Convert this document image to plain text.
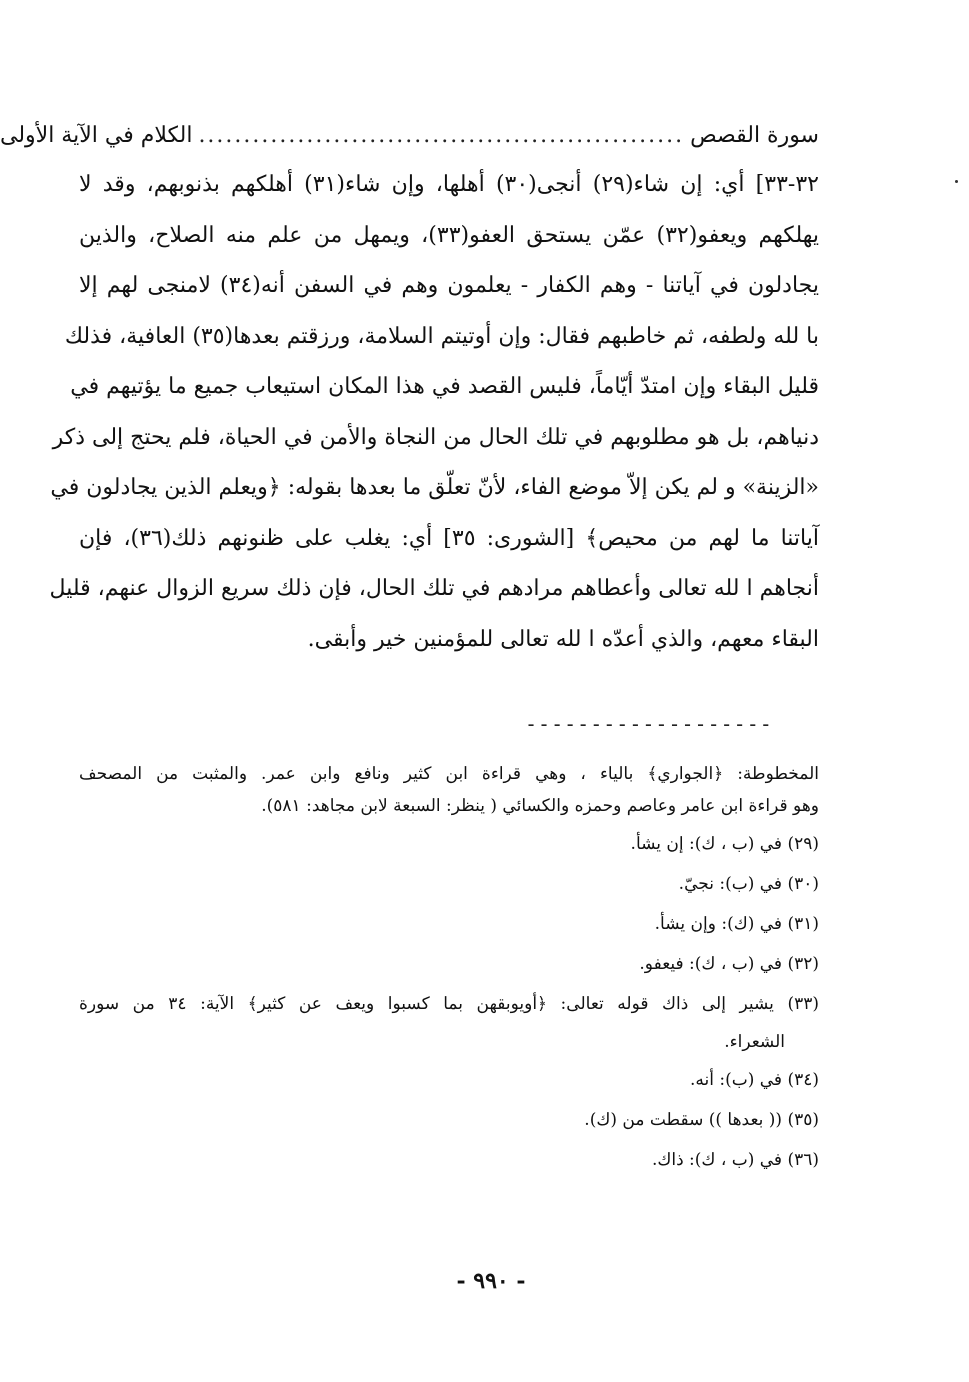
سورة القصص
......................................................
الكلام في الآية الأولى
٣٢-٣٣] أي: إن شاء(٢٩) أنجى(٣٠) أهلها، وإن شاء(٣١) أهلكهم بذنوبهم، وقد لا
يهلكهم ويعفو(٣٢) عمّن يستحق العفو(٣٣)، ويمهل من علم منه الصلاح، والذين
يجادلون في آياتنا - وهم الكفار - يعلمون وهم في السفن أنه(٣٤) لامنجى لهم إلا
با لله ولطفه، ثم خاطبهم فقال: وإن أوتيتم السلامة، ورزقتم بعدها(٣٥) العافية، فذلك
قليل البقاء وإن امتدّ أيّاماً، فليس القصد في هذا المكان استيعاب جميع ما يؤتيهم في
دنياهم، بل هو مطلوبهم في تلك الحال من النجاة والأمن في الحياة، فلم يحتج إلى ذكر
«الزينة» و لم يكن إلاّ موضع الفاء، لأنّ تعلّق ما بعدها بقوله: ﴿ويعلم الذين يجادلون في
آياتنا ما لهم من محيص﴾ [الشورى: ٣٥] أي: يغلب على ظنونهم ذلك(٣٦)، فإن
أنجاهم ا لله تعالى وأعطاهم مرادهم في تلك الحال، فإن ذلك سريع الزوال عنهم، قليل
البقاء معهم، والذي أعدّه ا لله تعالى للمؤمنين خير وأبقى.
-------------------
المخطوطة: ﴿الجواري﴾ بالياء ، وهي قراءة ابن كثير ونافع وابن عمر. والمثبت من المصحف
وهو قراءة ابن عامر وعاصم وحمزه والكسائي ( ينظر: السبعة لابن مجاهد: ٥٨١).
(٢٩) في (ب ، ك): إن يشأ.
(٣٠) في (ب): نجيّ.
(٣١) في (ك): وإن يشأ.
(٣٢) في (ب ، ك): فيعفو.
(٣٣) يشير إلى ذاك قوله تعالى: ﴿أويوبقهن بما كسبوا ويعف عن كثير﴾ الآية: ٣٤ من سورة
الشعراء.
(٣٤) في (ب): أنه.
(٣٥) (( بعدها )) سقطت من (ك).
(٣٦) في (ب ، ك): ذاك.
- ٩٩٠ -
